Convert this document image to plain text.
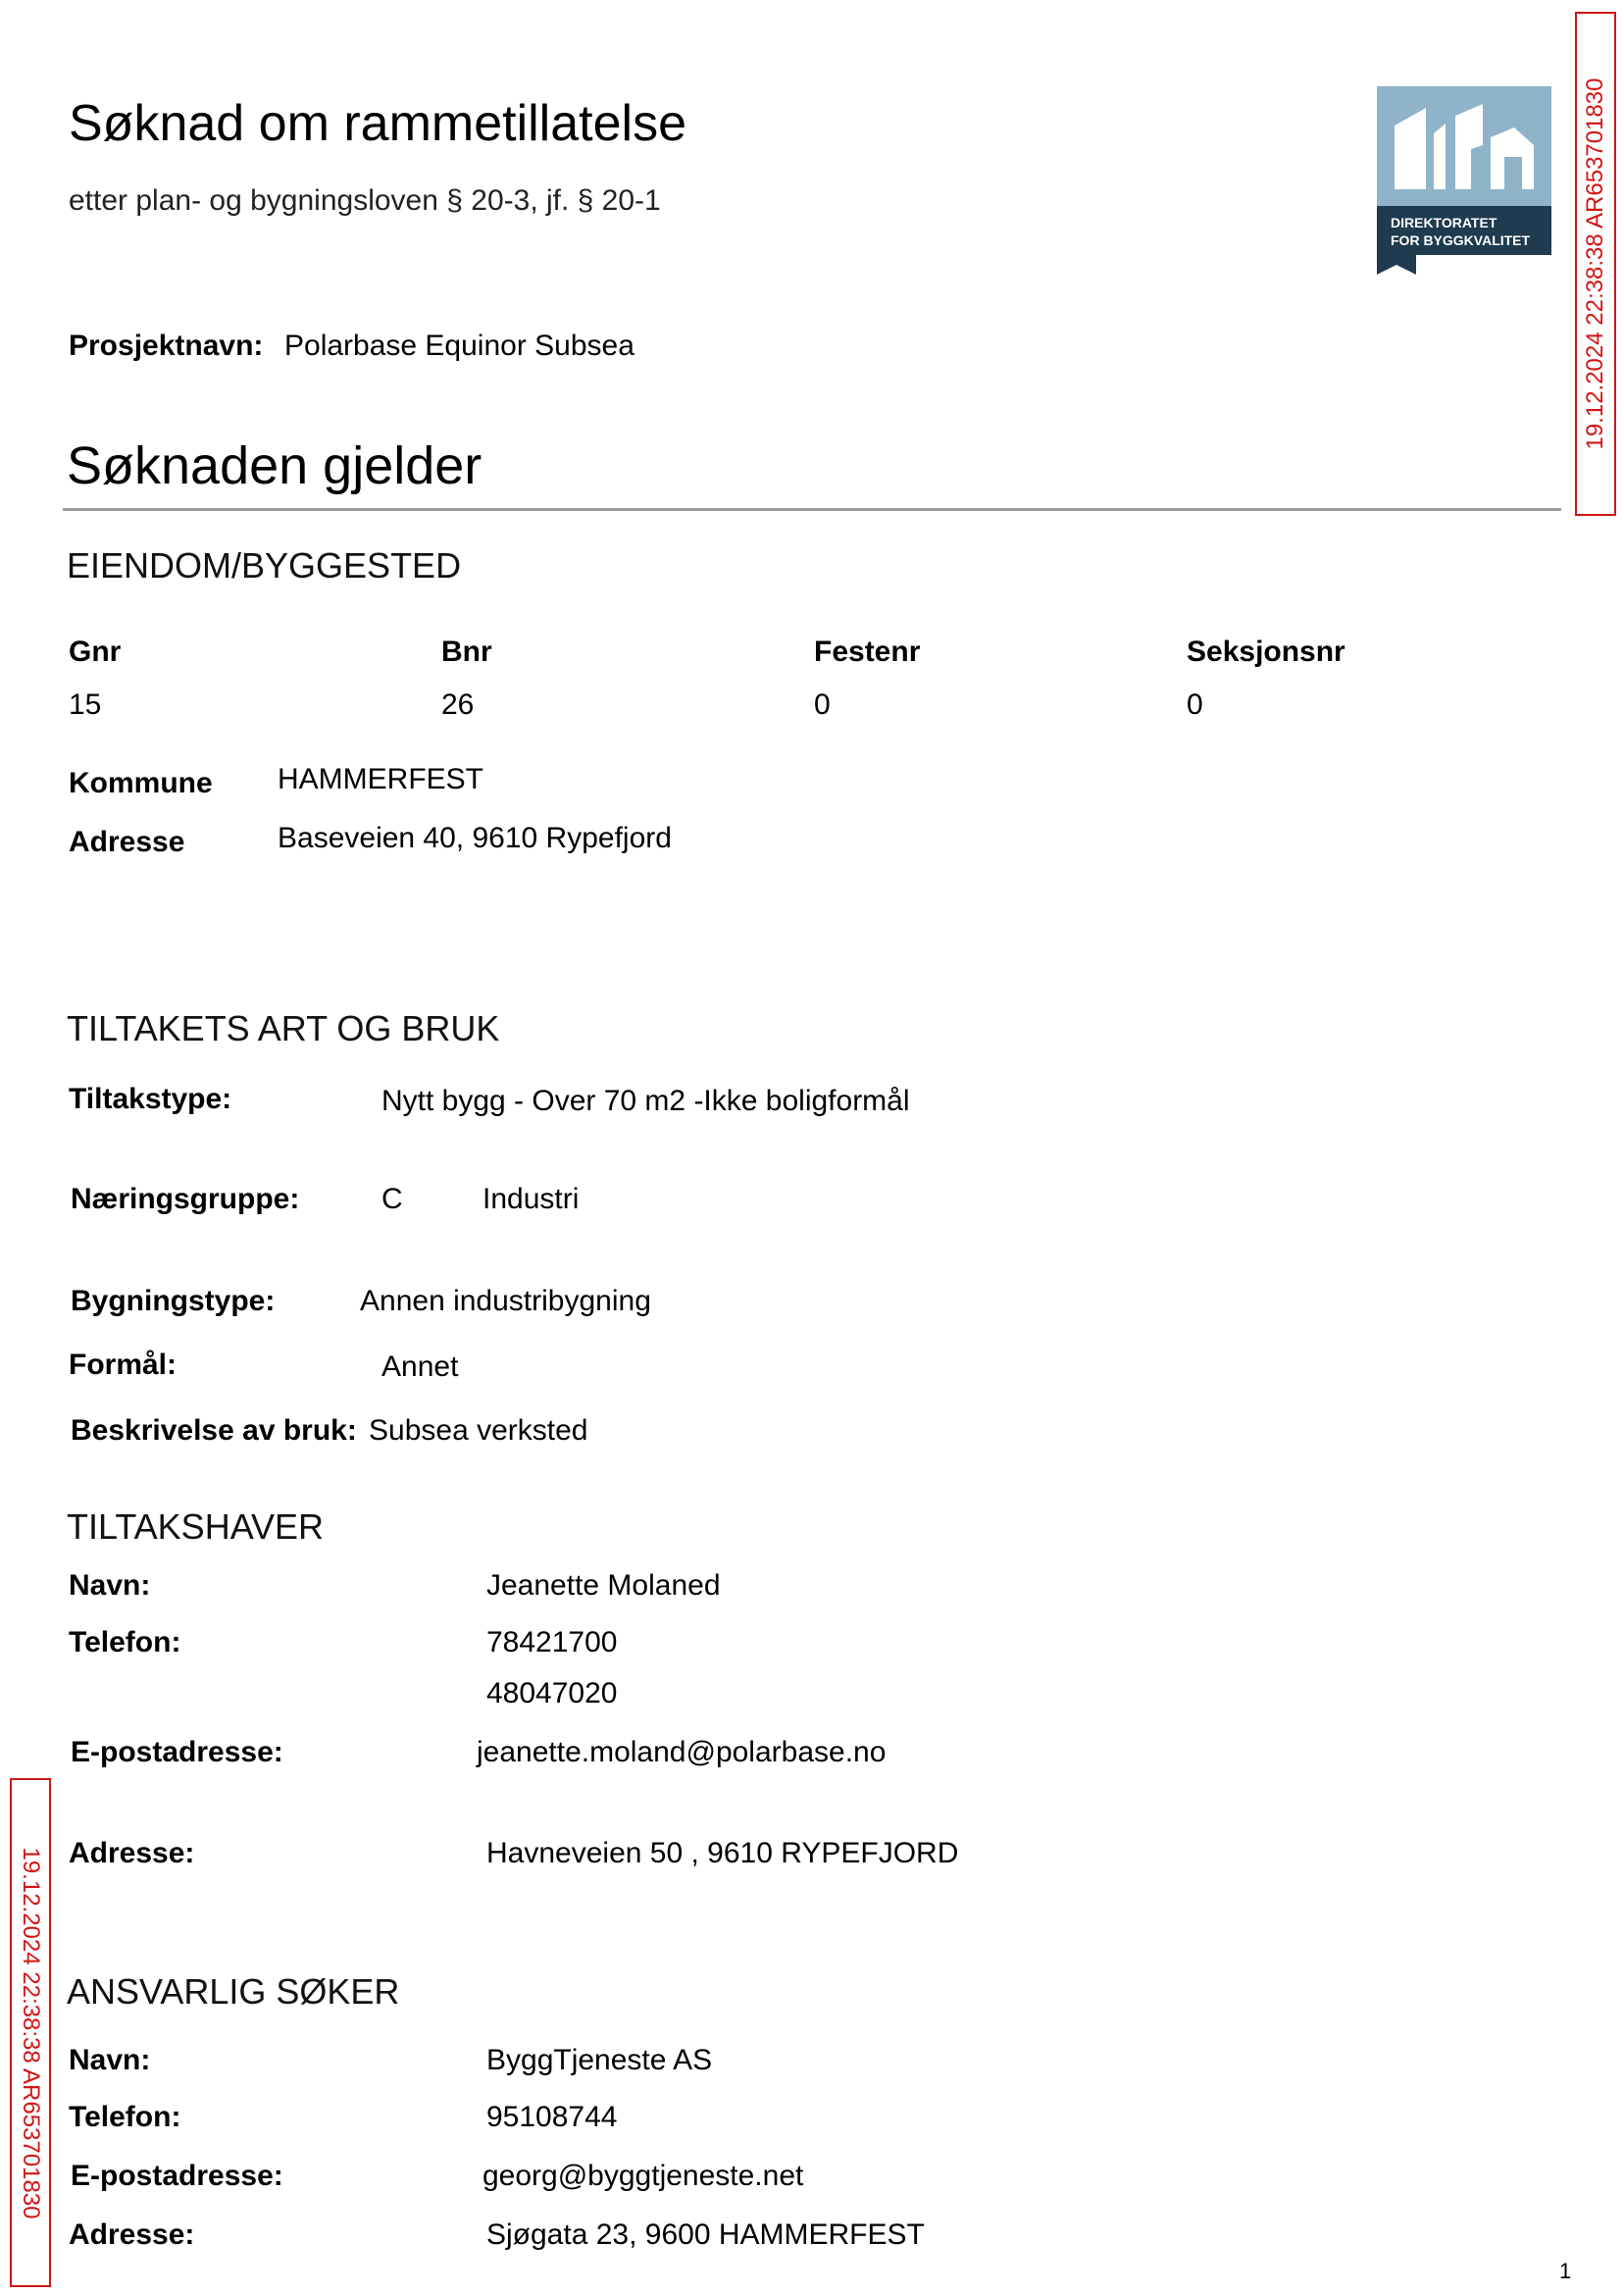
Søknad om rammetillatelse
etter plan- og bygningsloven § 20-3, jf. § 20-1
DIREKTORATET
FOR BYGGKVALITET
Prosjektnavn: Polarbase Equinor Subsea
Søknaden gjelder
EIENDOM/BYGGESTED
Gnr	Bnr	Festenr	Seksjonsnr
15	26	0	0
Kommune HAMMERFEST
Adresse	Baseveien 40, 9610 Rypefjord
TILTAKETS ART OG BRUK
Tiltakstype:	Nytt bygg - Over 70 m2 -Ikke boligformål
Næringsgruppe:	C	Industri
Bygningstype:	Annen industribygning
Formål:	Annet
Beskrivelse av bruk: Subsea verksted
TILTAKSHAVER
Navn:	Jeanette Molaned
Telefon:	78421700
48047020
E-postadresse:	jeanette.moland@polarbase.no
Adresse:	Havneveien 50 , 9610 RYPEFJORD
ANSVARLIG SØKER
Navn:	ByggTjeneste AS
Telefon:	95108744
E-postadresse:	georg@byggtjeneste.net
Adresse:	Sjøgata 23, 9600 HAMMERFEST
19.12.2024 22:38:38 AR653701830
19.12.2024 22:38:38 AR653701830
1
